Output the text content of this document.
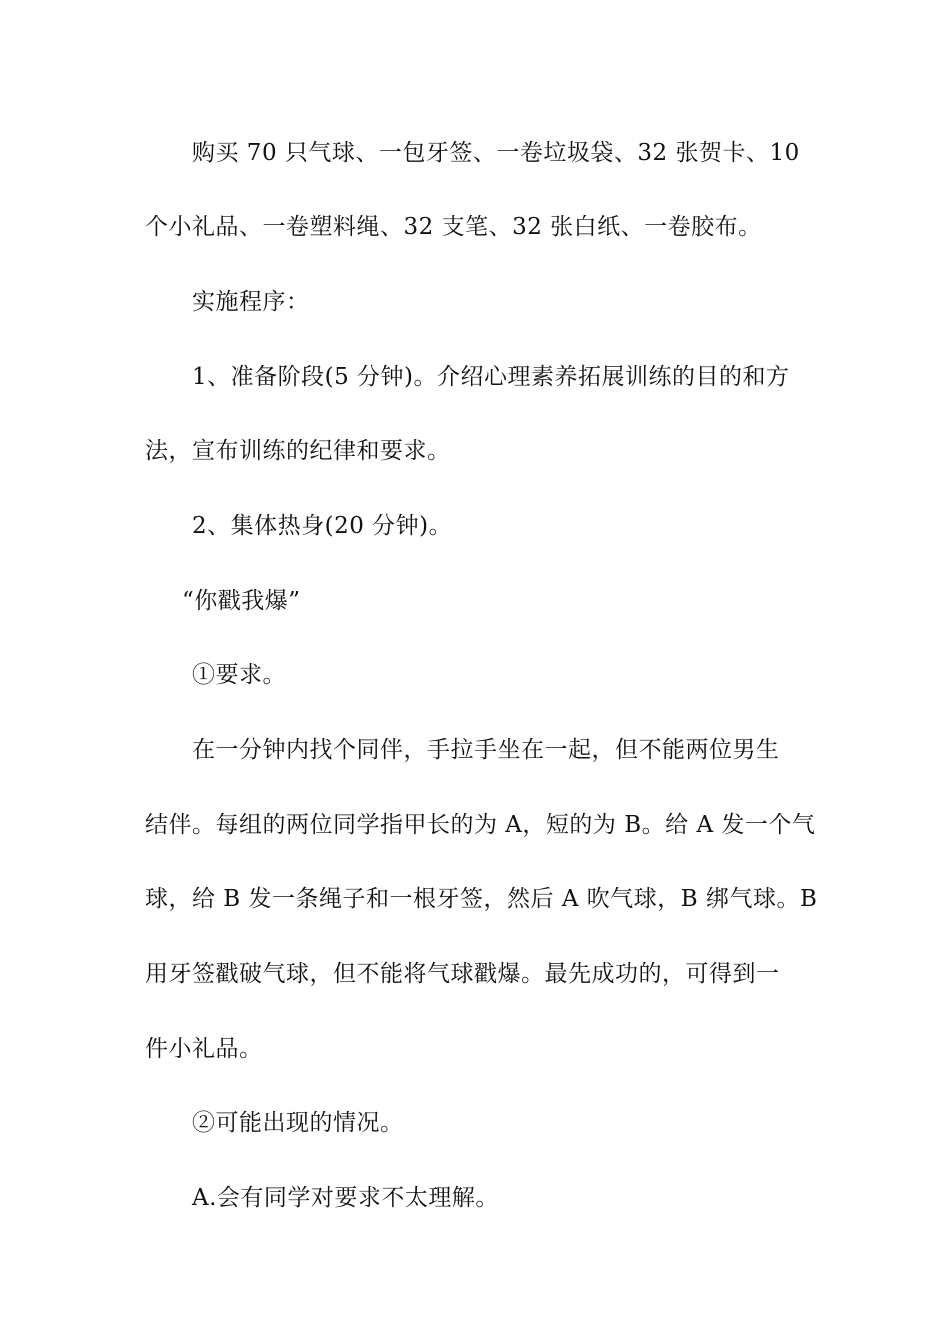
购买 70 只气球、一包牙签、一卷垃圾袋、32 张贺卡、10
个小礼品、一卷塑料绳、32 支笔、32 张白纸、一卷胶布。
实施程序：
1、准备阶段(5 分钟)。介绍心理素养拓展训练的目的和方
法，宣布训练的纪律和要求。
2、集体热身(20 分钟)。
“你戳我爆”
①要求。
在一分钟内找个同伴，手拉手坐在一起，但不能两位男生
结伴。每组的两位同学指甲长的为 A，短的为 B。给 A 发一个气
球，给 B 发一条绳子和一根牙签，然后 A 吹气球，B 绑气球。B
用牙签戳破气球，但不能将气球戳爆。最先成功的，可得到一
件小礼品。
②可能出现的情况。
A.会有同学对要求不太理解。
